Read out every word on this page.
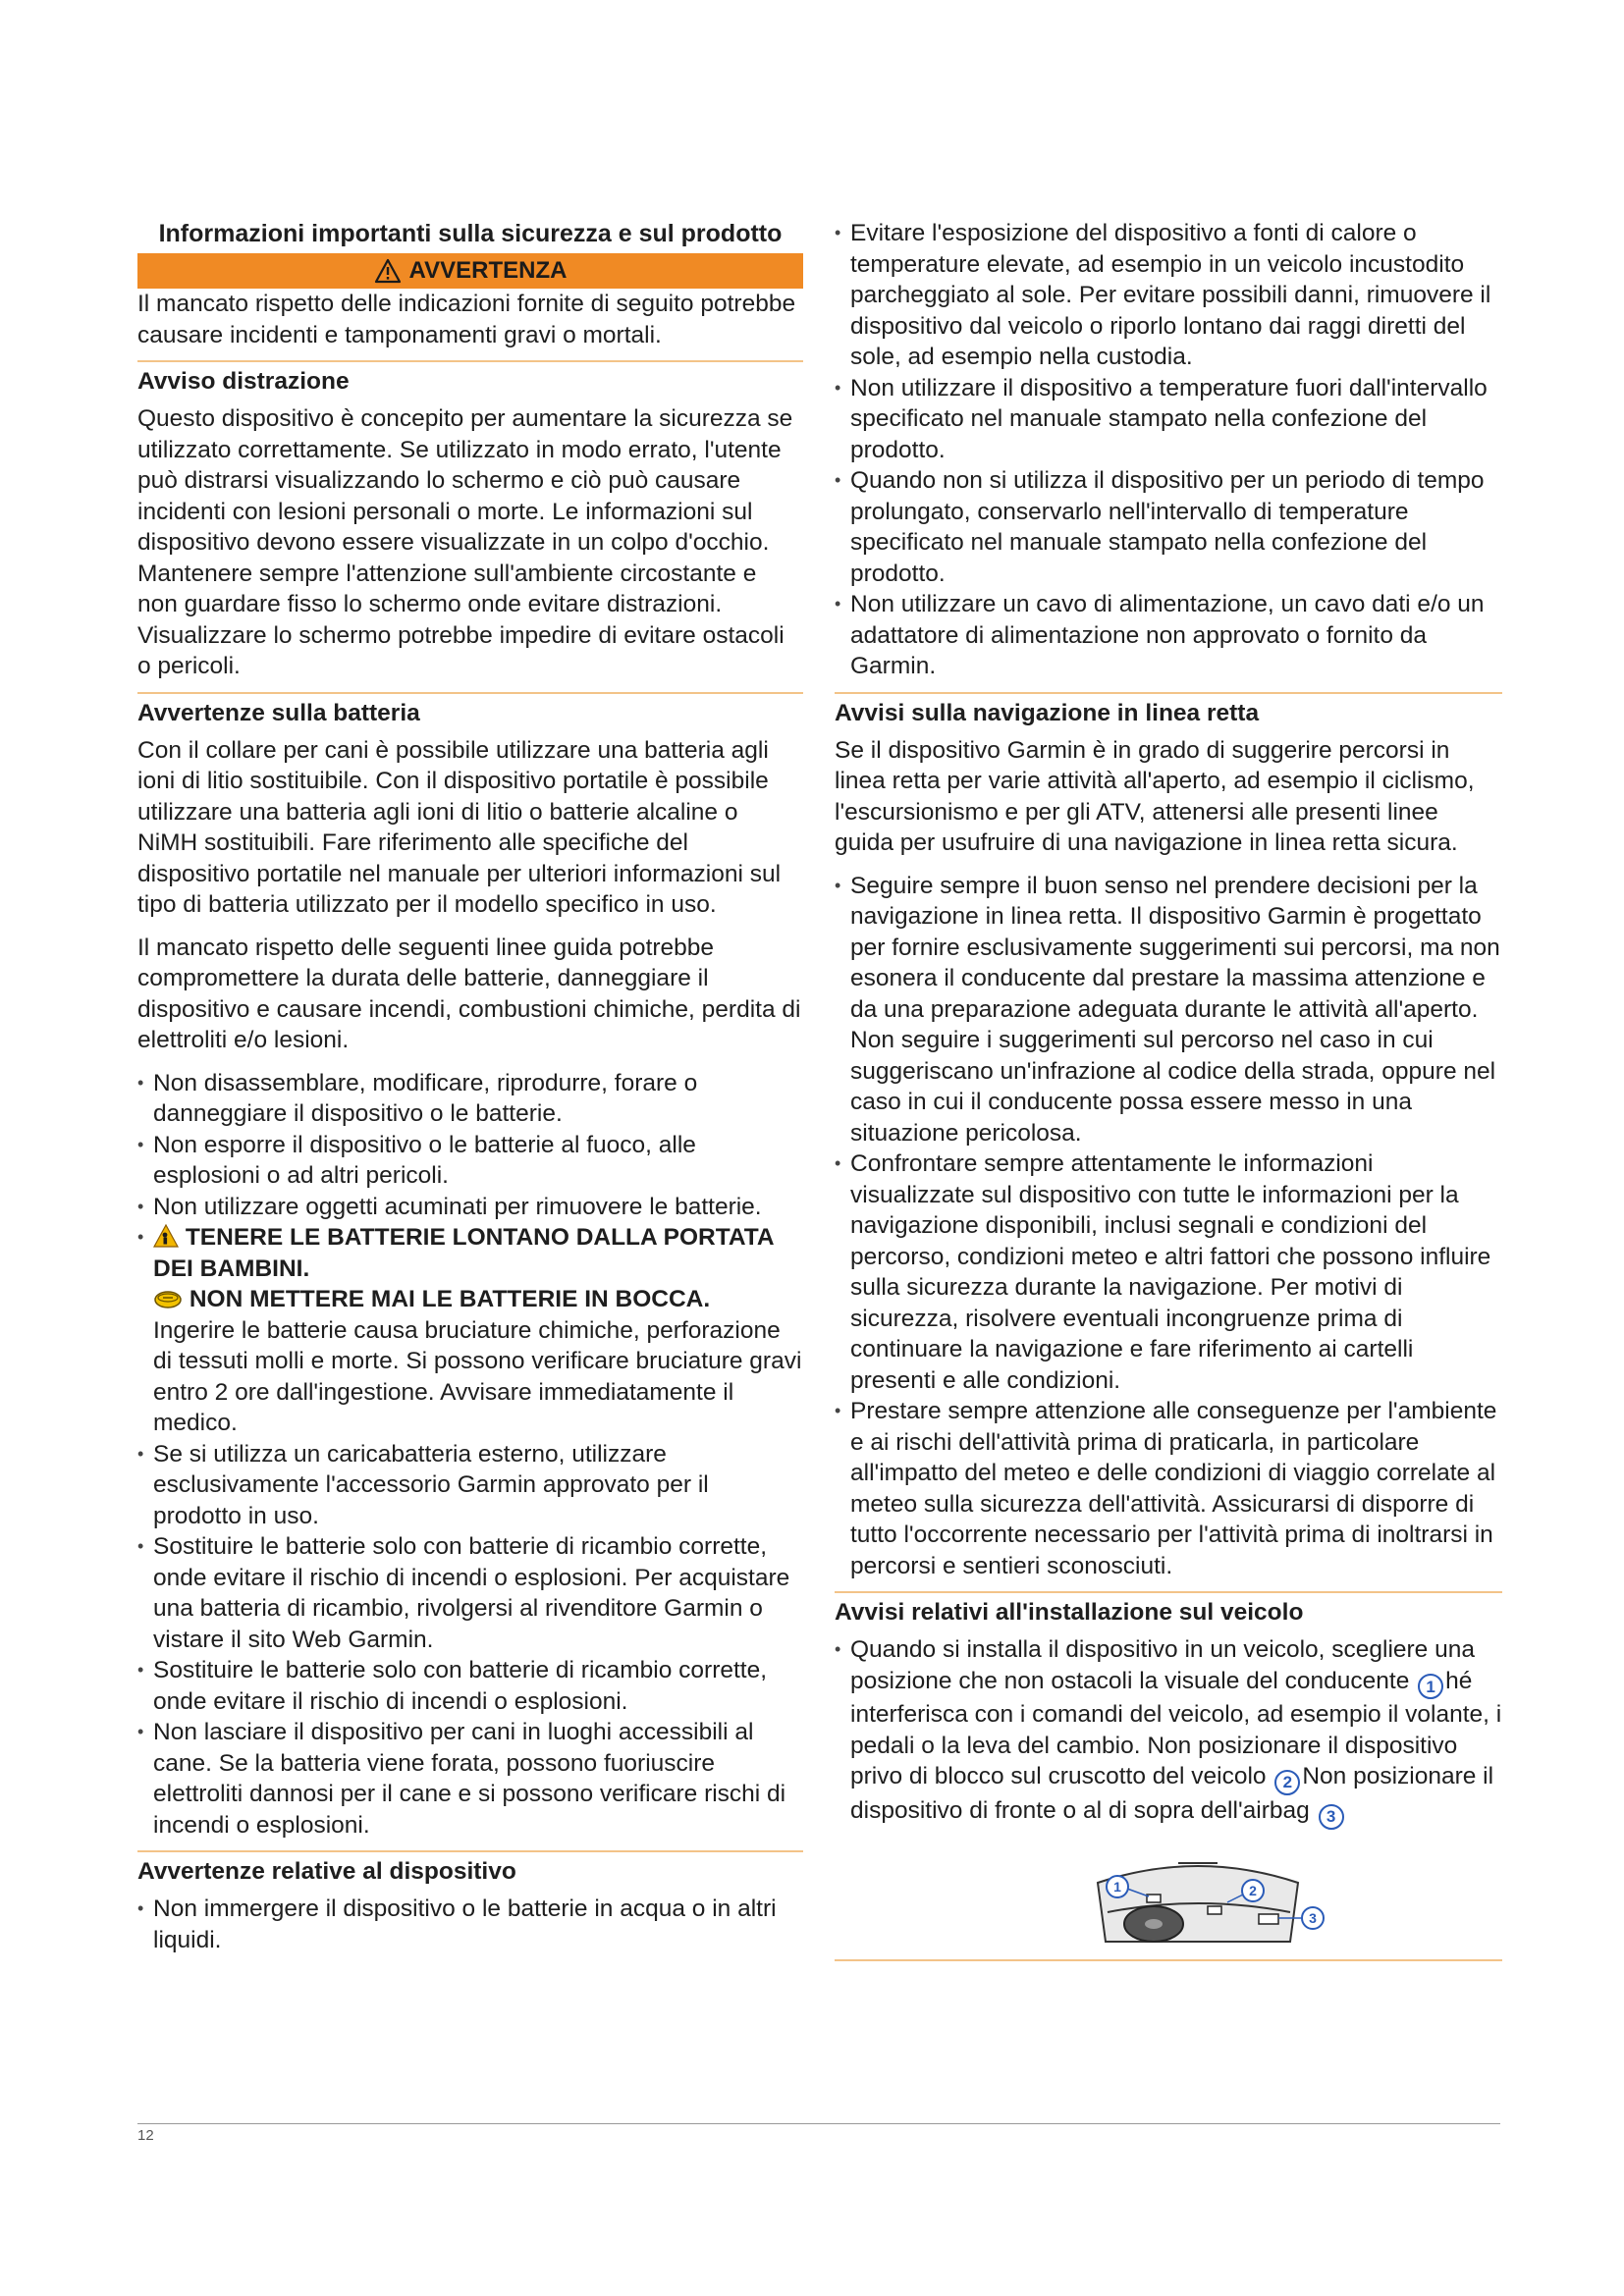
Informazioni importanti sulla sicurezza e sul prodotto
AVVERTENZA

Il mancato rispetto delle indicazioni fornite di seguito potrebbe causare incidenti e tamponamenti gravi o mortali.

Avviso distrazione

Questo dispositivo è concepito per aumentare la sicurezza se utilizzato correttamente. Se utilizzato in modo errato, l'utente può distrarsi visualizzando lo schermo e ciò può causare incidenti con lesioni personali o morte. Le informazioni sul dispositivo devono essere visualizzate in un colpo d'occhio. Mantenere sempre l'attenzione sull'ambiente circostante e non guardare fisso lo schermo onde evitare distrazioni. Visualizzare lo schermo potrebbe impedire di evitare ostacoli o pericoli.

Avvertenze sulla batteria

Con il collare per cani è possibile utilizzare una batteria agli ioni di litio sostituibile. Con il dispositivo portatile è possibile utilizzare una batteria agli ioni di litio o batterie alcaline o NiMH sostituibili. Fare riferimento alle specifiche del dispositivo portatile nel manuale per ulteriori informazioni sul tipo di batteria utilizzato per il modello specifico in uso.

Il mancato rispetto delle seguenti linee guida potrebbe compromettere la durata delle batterie, danneggiare il dispositivo e causare incendi, combustioni chimiche, perdita di elettroliti e/o lesioni.

• Non disassemblare, modificare, riprodurre, forare o danneggiare il dispositivo o le batterie.
• Non esporre il dispositivo o le batterie al fuoco, alle esplosioni o ad altri pericoli.
• Non utilizzare oggetti acuminati per rimuovere le batterie.
• TENERE LE BATTERIE LONTANO DALLA PORTATA DEI BAMBINI.
NON METTERE MAI LE BATTERIE IN BOCCA.
Ingerire le batterie causa bruciature chimiche, perforazione di tessuti molli e morte. Si possono verificare bruciature gravi entro 2 ore dall'ingestione. Avvisare immediatamente il medico.
• Se si utilizza un caricabatteria esterno, utilizzare esclusivamente l'accessorio Garmin approvato per il prodotto in uso.
• Sostituire le batterie solo con batterie di ricambio corrette, onde evitare il rischio di incendi o esplosioni. Per acquistare una batteria di ricambio, rivolgersi al rivenditore Garmin o vistare il sito Web Garmin.
• Sostituire le batterie solo con batterie di ricambio corrette, onde evitare il rischio di incendi o esplosioni.
• Non lasciare il dispositivo per cani in luoghi accessibili al cane. Se la batteria viene forata, possono fuoriuscire elettroliti dannosi per il cane e si possono verificare rischi di incendi o esplosioni.
Avvertenze relative al dispositivo
• Non immergere il dispositivo o le batterie in acqua o in altri liquidi.
• Evitare l'esposizione del dispositivo a fonti di calore o temperature elevate, ad esempio in un veicolo incustodito parcheggiato al sole. Per evitare possibili danni, rimuovere il dispositivo dal veicolo o riporlo lontano dai raggi diretti del sole, ad esempio nella custodia.
• Non utilizzare il dispositivo a temperature fuori dall'intervallo specificato nel manuale stampato nella confezione del prodotto.
• Quando non si utilizza il dispositivo per un periodo di tempo prolungato, conservarlo nell'intervallo di temperature specificato nel manuale stampato nella confezione del prodotto.
• Non utilizzare un cavo di alimentazione, un cavo dati e/o un adattatore di alimentazione non approvato o fornito da Garmin.
Avvisi sulla navigazione in linea retta

Se il dispositivo Garmin è in grado di suggerire percorsi in linea retta per varie attività all'aperto, ad esempio il ciclismo, l'escursionismo e per gli ATV, attenersi alle presenti linee guida per usufruire di una navigazione in linea retta sicura.

• Seguire sempre il buon senso nel prendere decisioni per la navigazione in linea retta. Il dispositivo Garmin è progettato per fornire esclusivamente suggerimenti sui percorsi, ma non esonera il conducente dal prestare la massima attenzione e da una preparazione adeguata durante le attività all'aperto. Non seguire i suggerimenti sul percorso nel caso in cui suggeriscano un'infrazione al codice della strada, oppure nel caso in cui il conducente possa essere messo in una situazione pericolosa.
• Confrontare sempre attentamente le informazioni visualizzate sul dispositivo con tutte le informazioni per la navigazione disponibili, inclusi segnali e condizioni del percorso, condizioni meteo e altri fattori che possono influire sulla sicurezza durante la navigazione. Per motivi di sicurezza, risolvere eventuali incongruenze prima di continuare la navigazione e fare riferimento ai cartelli presenti e alle condizioni.
• Prestare sempre attenzione alle conseguenze per l'ambiente e ai rischi dell'attività prima di praticarla, in particolare all'impatto del meteo e delle condizioni di viaggio correlate al meteo sulla sicurezza dell'attività. Assicurarsi di disporre di tutto l'occorrente necessario per l'attività prima di inoltrarsi in percorsi e sentieri sconosciuti.
Avvisi relativi all'installazione sul veicolo
• Quando si installa il dispositivo in un veicolo, scegliere una posizione che non ostacoli la visuale del conducente 1 hé interferisca con i comandi del veicolo, ad esempio il volante, i pedali o la leva del cambio. Non posizionare il dispositivo privo di blocco sul cruscotto del veicolo 2 Non posizionare il dispositivo di fronte o al di sopra dell'airbag 3
1	2
3
12
